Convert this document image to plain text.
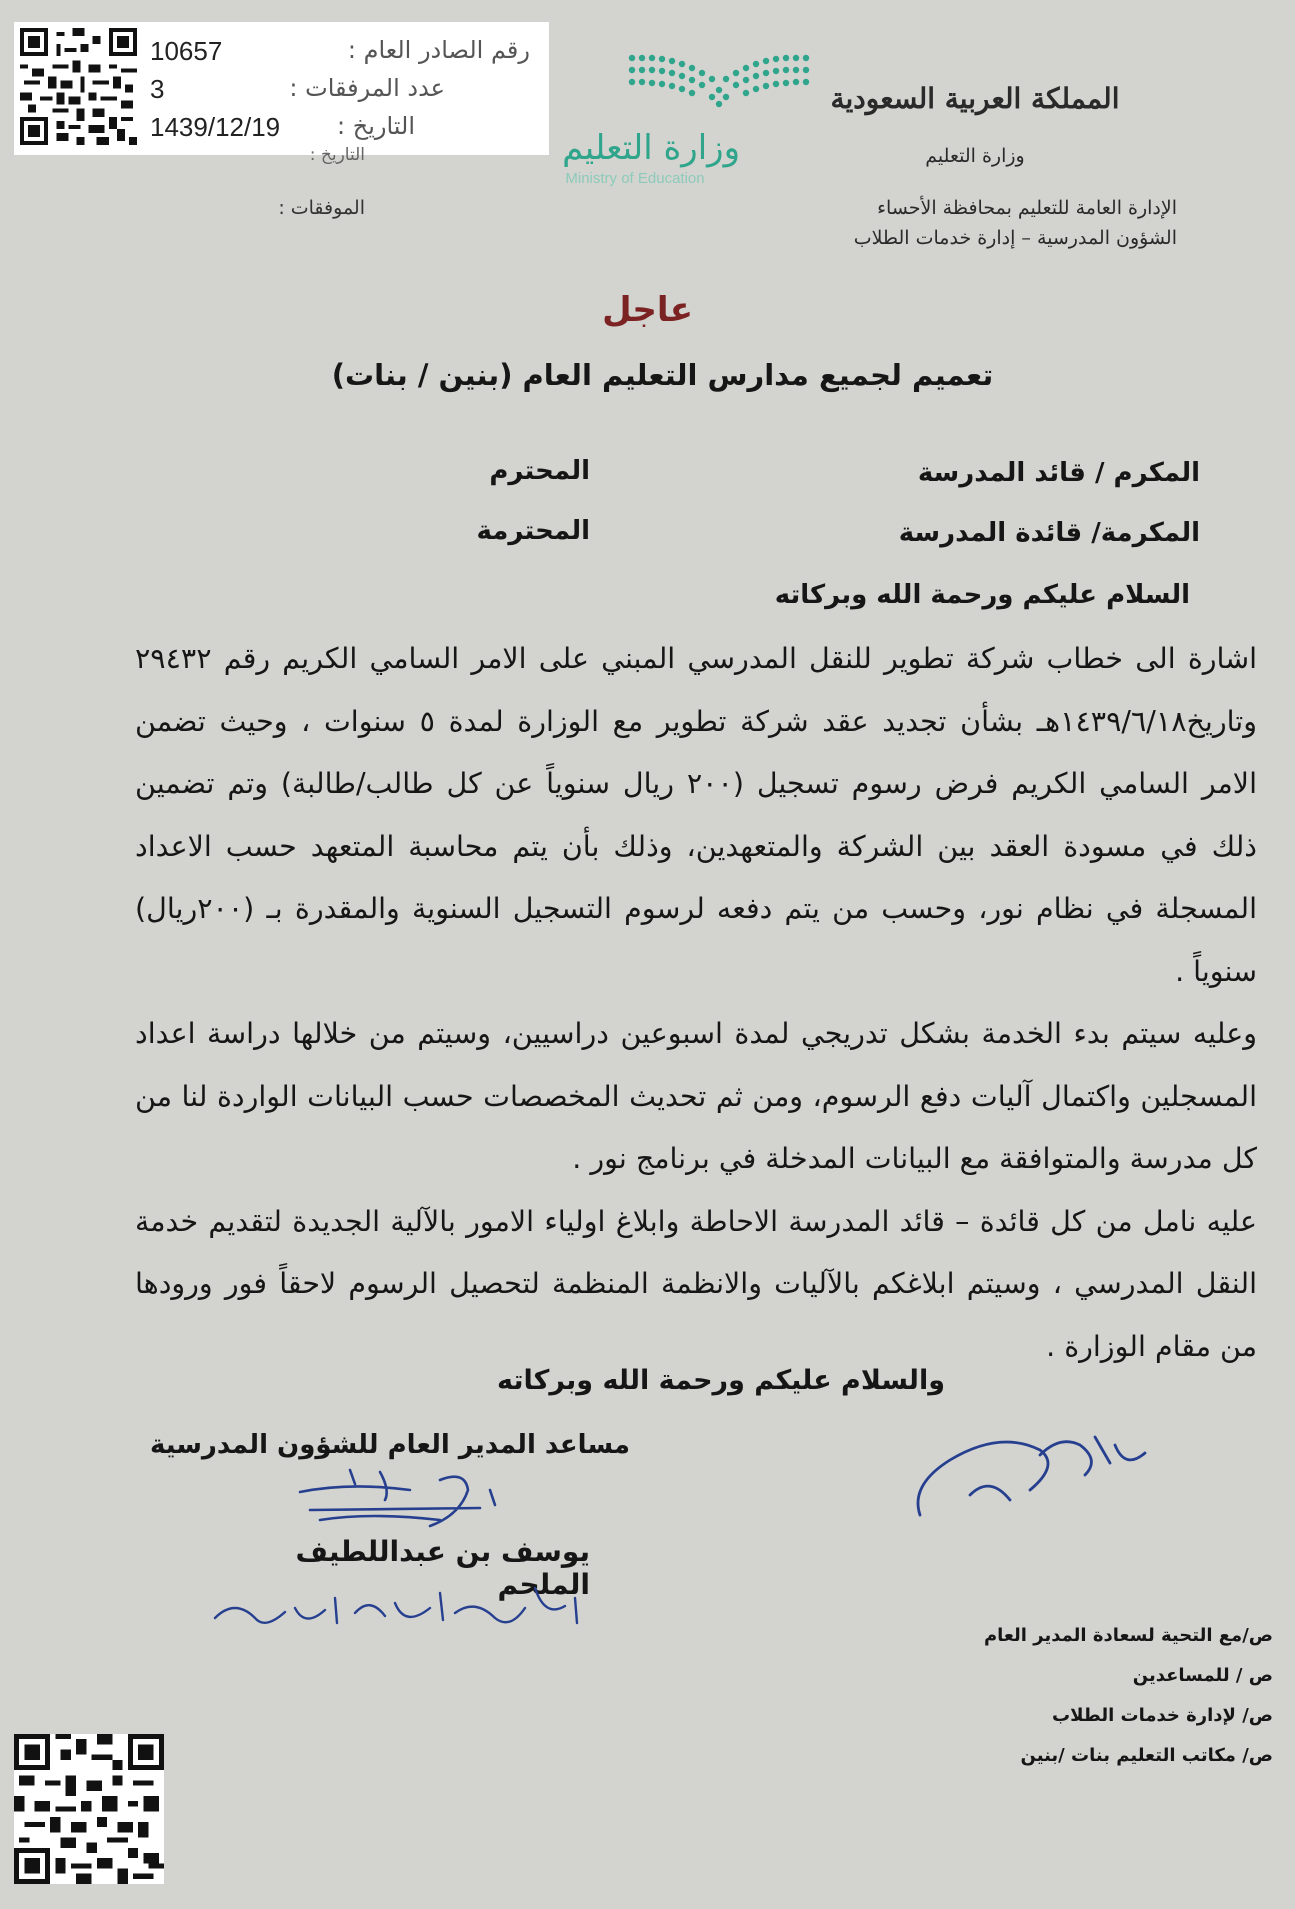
10657	رقم الصادر العام :
3	عدد المرفقات :
1439/12/19 التاريخ :
المملكة العربية السعودية
وزارة التعليم
الإدارة العامة للتعليم بمحافظة الأحساء
الشؤون المدرسية – إدارة خدمات الطلاب
وزارة التعليم
Ministry of Education
التاريخ :
الموفقات :
عاجل
تعميم لجميع مدارس التعليم العام (بنين / بنات)
المكرم / قائد المدرسة
المحترم
المكرمة/ قائدة المدرسة
المحترمة
السلام عليكم ورحمة الله وبركاته

اشارة الى خطاب شركة تطوير للنقل المدرسي المبني على الامر السامي الكريم رقم ٢٩٤٣٢ وتاريخ١٤٣٩/٦/١٨هـ بشأن تجديد عقد شركة تطوير مع الوزارة لمدة ٥ سنوات ، وحيث تضمن الامر السامي الكريم فرض رسوم تسجيل (٢٠٠ ريال سنوياً عن كل طالب/طالبة) وتم تضمين ذلك في مسودة العقد بين الشركة والمتعهدين، وذلك بأن يتم محاسبة المتعهد حسب الاعداد المسجلة في نظام نور، وحسب من يتم دفعه لرسوم التسجيل السنوية والمقدرة بـ (٢٠٠ريال) سنوياً .

وعليه سيتم بدء الخدمة بشكل تدريجي لمدة اسبوعين دراسيين، وسيتم من خلالها دراسة اعداد المسجلين واكتمال آليات دفع الرسوم، ومن ثم تحديث المخصصات حسب البيانات الواردة لنا من كل مدرسة والمتوافقة مع البيانات المدخلة في برنامج نور .

عليه نامل من كل قائدة – قائد المدرسة الاحاطة وابلاغ اولياء الامور بالآلية الجديدة لتقديم خدمة النقل المدرسي ، وسيتم ابلاغكم بالآليات والانظمة المنظمة لتحصيل الرسوم لاحقاً فور ورودها من مقام الوزارة .

والسلام عليكم ورحمة الله وبركاته
مساعد المدير العام للشؤون المدرسية
يوسف بن عبداللطيف الملحم
ص/مع التحية لسعادة المدير العام
ص / للمساعدين
ص/ لإدارة خدمات الطلاب
ص/ مكاتب التعليم بنات /بنين
